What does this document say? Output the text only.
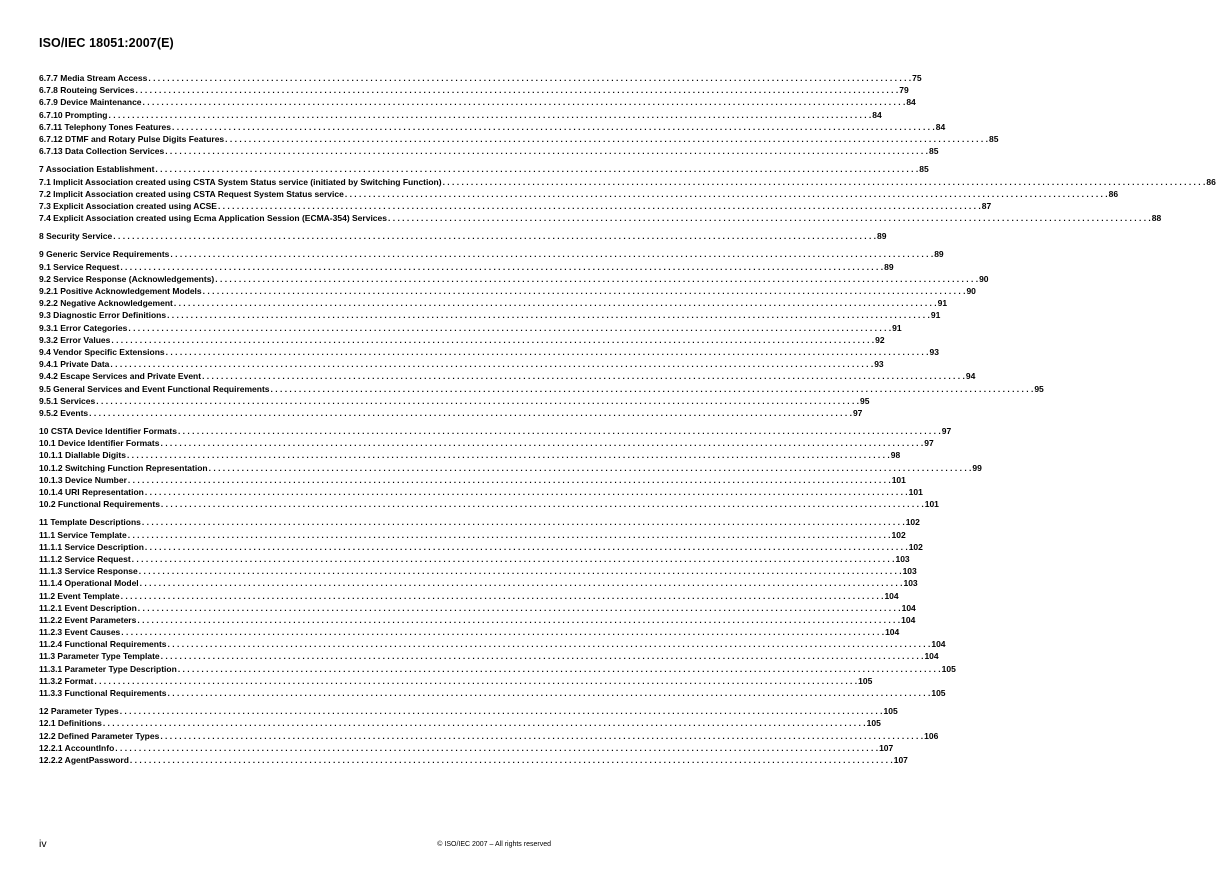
ISO/IEC 18051:2007(E)
6.7.7 Media Stream Access . . .	75
6.7.8 Routeing Services . . .	79
6.7.9 Device Maintenance . . .	84
6.7.10 Prompting . . .	84
6.7.11 Telephony Tones Features . . .	84
6.7.12 DTMF and Rotary Pulse Digits Features . . .	85
6.7.13 Data Collection Services . . .	85
7 Association Establishment . . .	85
7.1 Implicit Association created using CSTA System Status service (initiated by Switching Function) . . .	86
7.2 Implicit Association created using CSTA Request System Status service . . .	86
7.3 Explicit Association created using ACSE . . .	87
7.4 Explicit Association created using Ecma Application Session (ECMA-354) Services . . .	88
8 Security Service . . .	89
9 Generic Service Requirements . . .	89
9.1 Service Request . . .	89
9.2 Service Response (Acknowledgements) . . .	90
9.2.1 Positive Acknowledgement Models . . .	90
9.2.2 Negative Acknowledgement . . .	91
9.3 Diagnostic Error Definitions . . .	91
9.3.1 Error Categories . . .	91
9.3.2 Error Values . . .	92
9.4 Vendor Specific Extensions . . .	93
9.4.1 Private Data . . .	93
9.4.2 Escape Services and Private Event . . .	94
9.5 General Services and Event Functional Requirements . . .	95
9.5.1 Services . . .	95
9.5.2 Events . . .	97
10 CSTA Device Identifier Formats . . .	97
10.1 Device Identifier Formats . . .	97
10.1.1 Diallable Digits . . .	98
10.1.2 Switching Function Representation . . .	99
10.1.3 Device Number . . .	101
10.1.4 URI Representation . . .	101
10.2 Functional Requirements . . .	101
11 Template Descriptions . . .	102
11.1 Service Template . . .	102
11.1.1 Service Description . . .	102
11.1.2 Service Request . . .	103
11.1.3 Service Response . . .	103
11.1.4 Operational Model . . .	103
11.2 Event Template . . .	104
11.2.1 Event Description . . .	104
11.2.2 Event Parameters . . .	104
11.2.3 Event Causes . . .	104
11.2.4 Functional Requirements . . .	104
11.3 Parameter Type Template . . .	104
11.3.1 Parameter Type Description . . .	105
11.3.2 Format . . .	105
11.3.3 Functional Requirements . . .	105
12 Parameter Types . . .	105
12.1 Definitions . . .	105
12.2 Defined Parameter Types . . .	106
12.2.1 AccountInfo . . .	107
12.2.2 AgentPassword . . .	107
iv	© ISO/IEC 2007 – All rights reserved
